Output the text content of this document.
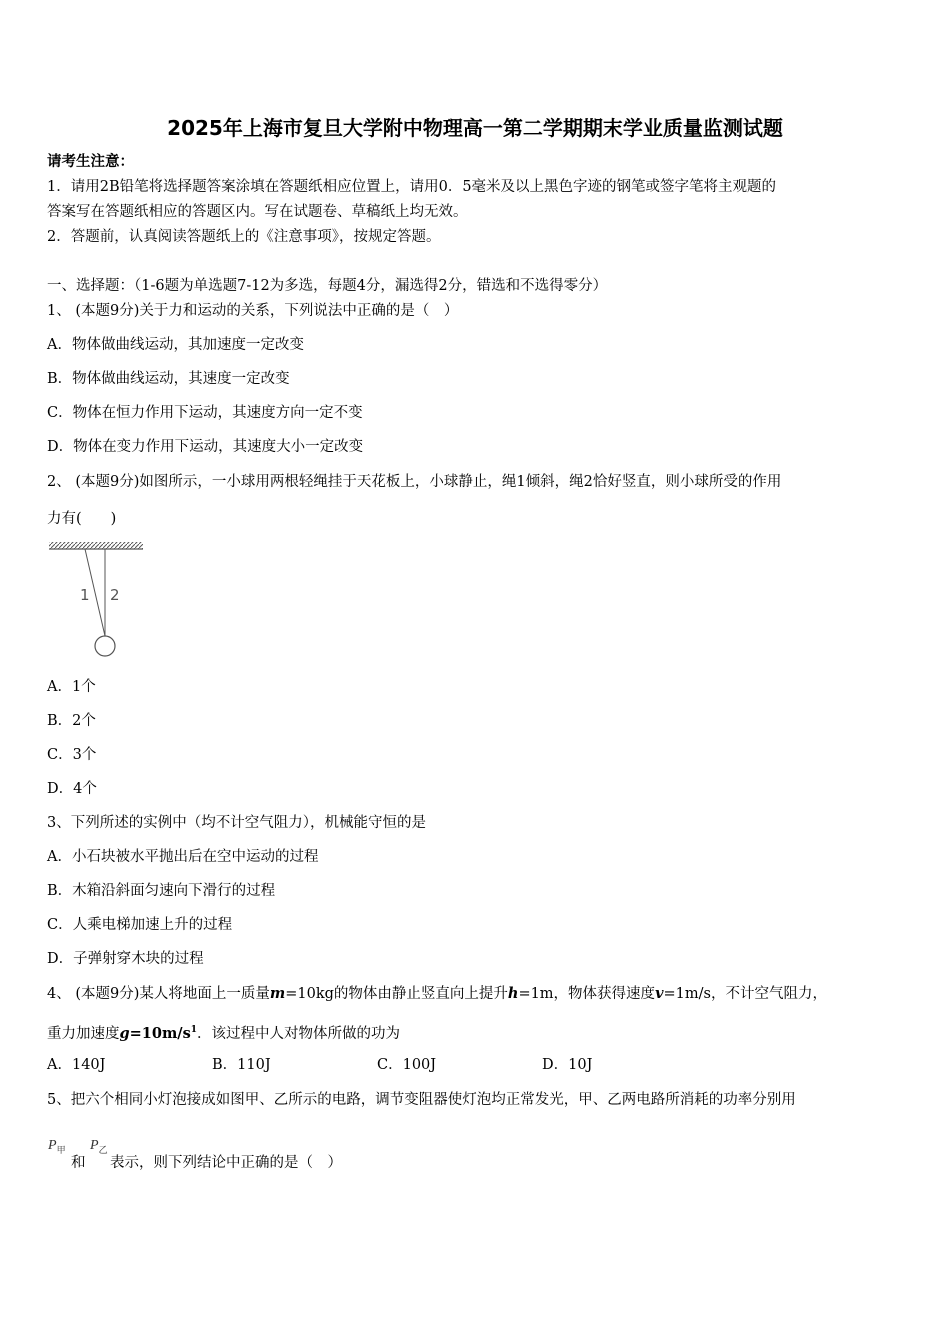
2025年上海市复旦大学附中物理高一第二学期期末学业质量监测试题
请考生注意：
1．请用2B铅笔将选择题答案涂填在答题纸相应位置上，请用0．5毫米及以上黑色字迹的钢笔或签字笔将主观题的
答案写在答题纸相应的答题区内。写在试题卷、草稿纸上均无效。
2．答题前，认真阅读答题纸上的《注意事项》，按规定答题。
一、选择题：（1-6题为单选题7-12为多选，每题4分，漏选得2分，错选和不选得零分）
1、 (本题9分)关于力和运动的关系，下列说法中正确的是（　）
A．物体做曲线运动，其加速度一定改变
B．物体做曲线运动，其速度一定改变
C．物体在恒力作用下运动，其速度方向一定不变
D．物体在变力作用下运动，其速度大小一定改变
2、 (本题9分)如图所示，一小球用两根轻绳挂于天花板上，小球静止，绳1倾斜，绳2恰好竖直，则小球所受的作用
力有(　　)
1 2
A．1个
B．2个
C．3个
D．4个
3、下列所述的实例中（均不计空气阻力），机械能守恒的是
A．小石块被水平抛出后在空中运动的过程
B．木箱沿斜面匀速向下滑行的过程
C．人乘电梯加速上升的过程
D．子弹射穿木块的过程
4、 (本题9分)某人将地面上一质量m=10kg的物体由静止竖直向上提升h=1m，物体获得速度v=1m/s，不计空气阻力，
重力加速度$g=10m/s^1$．该过程中人对物体所做的功为
A．140J	B．110J	C．100J	D．10J
5、把六个相同小灯泡接成如图甲、乙所示的电路，调节变阻器使灯泡均正常发光，甲、乙两电路所消耗的功率分别用
$P_甲$
和
$P_乙$
表示，则下列结论中正确的是（　）
